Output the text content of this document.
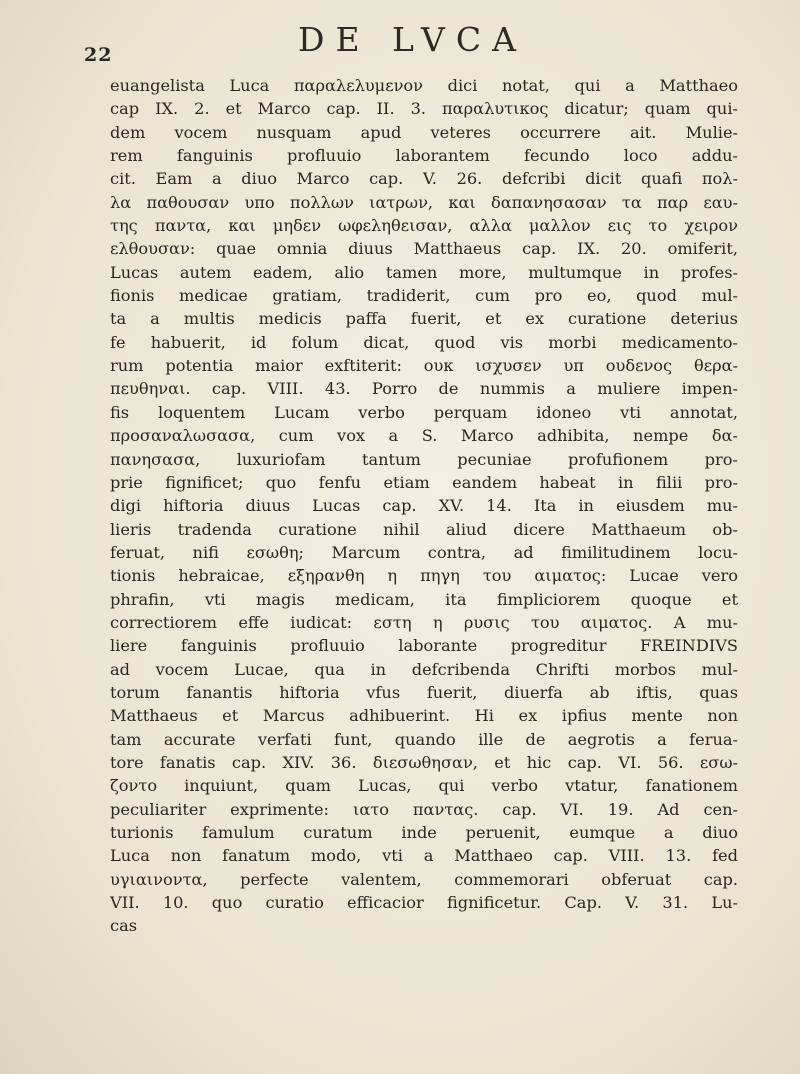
22	DE LVCA
euangelista Luca παραλελυμενον dici notat, qui a Matthaeo
cap IX. 2. et Marco cap. II. 3. παραλυτικος dicatur; quam qui-
dem vocem nusquam apud veteres occurrere ait. Mulie-
rem fanguinis profluuio laborantem fecundo loco addu-
cit. Eam a diuo Marco cap. V. 26. defcribi dicit quafi πολ-
λα παθουσαν υπο πολλων ιατρων, και δαπανησασαν τα παρ εαυ-
της παντα, και μηδεν ωφεληθεισαν, αλλα μαλλον εις το χειρον
ελθουσαν: quae omnia diuus Matthaeus cap. IX. 20. omiferit,
Lucas autem eadem, alio tamen more, multumque in profes-
fionis medicae gratiam, tradiderit, cum pro eo, quod mul-
ta a multis medicis paffa fuerit, et ex curatione deterius
fe habuerit, id folum dicat, quod vis morbi medicamento-
rum potentia maior exftiterit: ουκ ισχυσεν υπ ουδενος θερα-
πευθηναι. cap. VIII. 43. Porro de nummis a muliere impen-
fis loquentem Lucam verbo perquam idoneo vti annotat,
προσαναλωσασα, cum vox a S. Marco adhibita, nempe δα-
πανησασα, luxuriofam tantum pecuniae profufionem pro-
prie fignificet; quo fenfu etiam eandem habeat in filii pro-
digi hiftoria diuus Lucas cap. XV. 14. Ita in eiusdem mu-
lieris tradenda curatione nihil aliud dicere Matthaeum ob-
feruat, nifi εσωθη; Marcum contra, ad fimilitudinem locu-
tionis hebraicae, εξηρανθη η πηγη του αιματος: Lucae vero
phrafin, vti magis medicam, ita fimpliciorem quoque et
correctiorem effe iudicat: εστη η ρυσις του αιματος. A mu-
liere fanguinis profluuio laborante progreditur FREINDIVS
ad vocem Lucae, qua in defcribenda Chrifti morbos mul-
torum fanantis hiftoria vfus fuerit, diuerfa ab iftis, quas
Matthaeus et Marcus adhibuerint. Hi ex ipfius mente non
tam accurate verfati funt, quando ille de aegrotis a ferua-
tore fanatis cap. XIV. 36. διεσωθησαν, et hic cap. VI. 56. εσω-
ζοντο inquiunt, quam Lucas, qui verbo vtatur, fanationem
peculiariter exprimente: ιατο παντας. cap. VI. 19. Ad cen-
turionis famulum curatum inde peruenit, eumque a diuo
Luca non fanatum modo, vti a Matthaeo cap. VIII. 13. fed
υγιαινοντα, perfecte valentem, commemorari obferuat cap.
VII. 10. quo curatio efficacior fignificetur. Cap. V. 31. Lu-
cas
